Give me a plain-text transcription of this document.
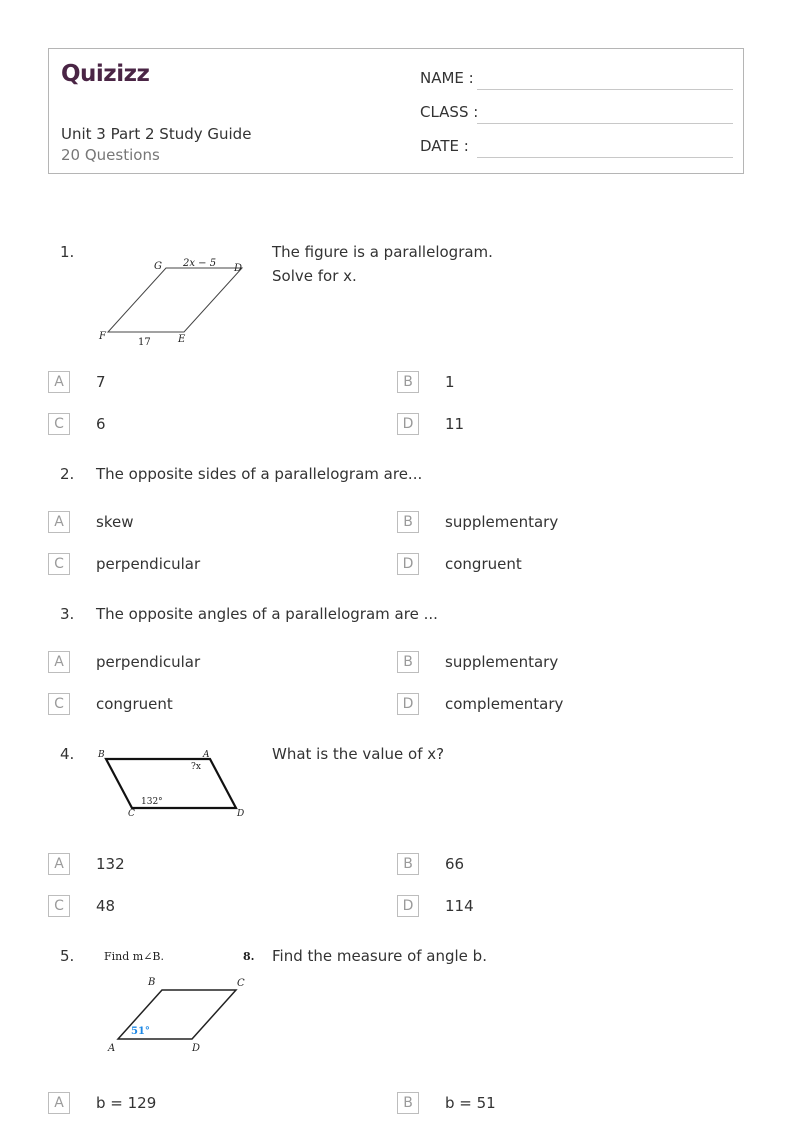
Quizizz
Unit 3 Part 2 Study Guide
20 Questions
NAME :
CLASS :
DATE :
1.
G 2x − 5 D
F
17	E
The figure is a parallelogram.
Solve for x.
A	7	B	1
C	6	D	11
2. The opposite sides of a parallelogram are...
A	skew	B	supplementary
C	perpendicular	D	congruent
3. The opposite angles of a parallelogram are ...
A	perpendicular	B	supplementary
C	congruent	D	complementary
4.	B	A
?x
132°
C	D
What is the value of x?
A	132	B	66
C	48	D	114
5.	Find m∠B.	8.
B	C
A	D
51°
Find the measure of angle b.
A	b = 129	B	b = 51
